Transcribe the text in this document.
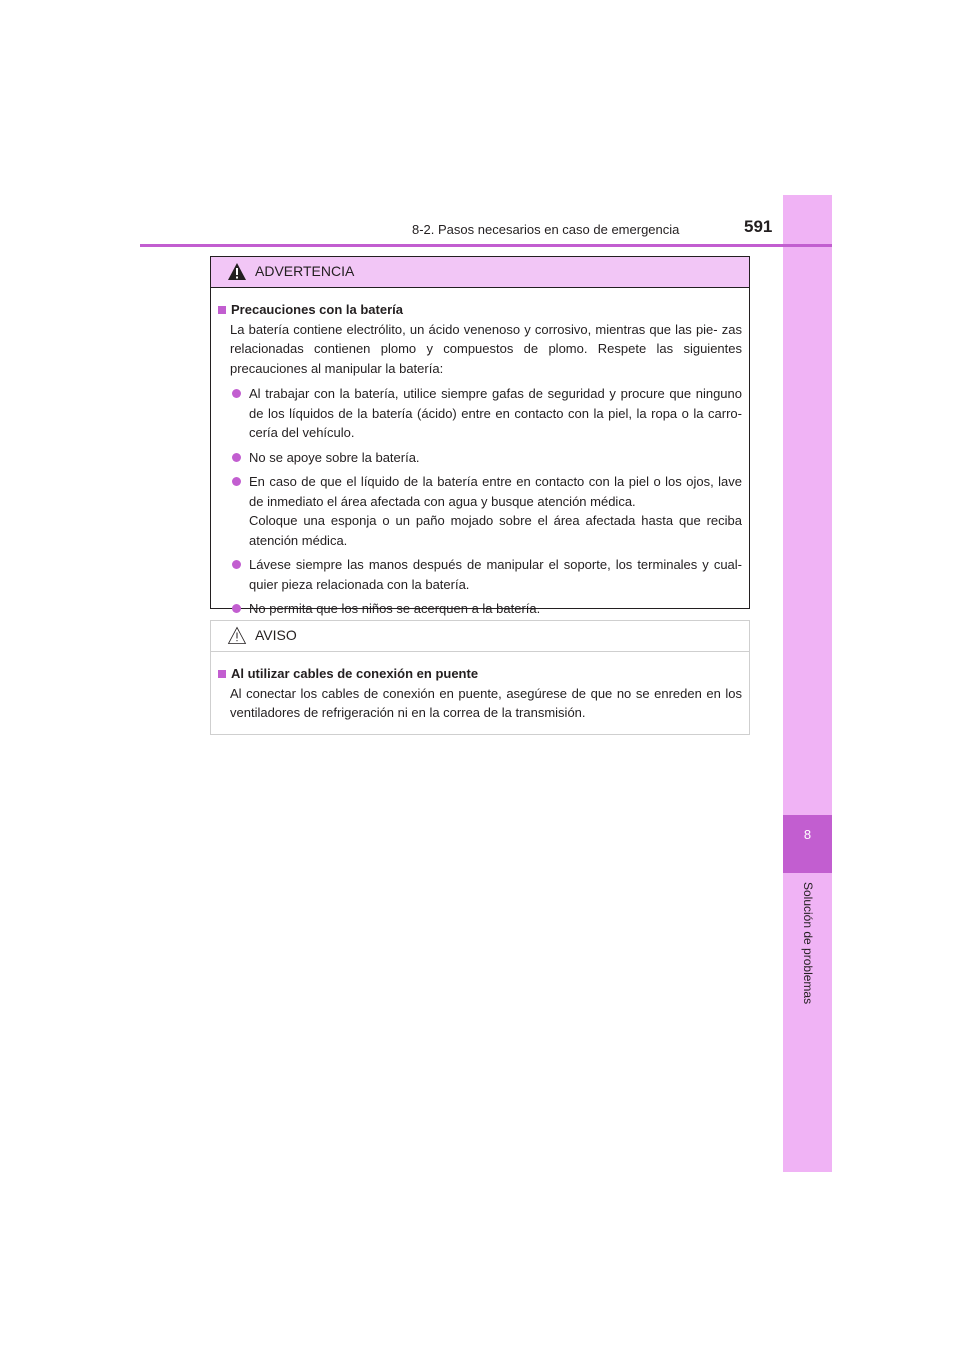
8
Solución de problemas
8-2. Pasos necesarios en caso de emergencia	591
ADVERTENCIA
Precauciones con la batería
La batería contiene electrólito, un ácido venenoso y corrosivo, mientras que las pie- zas relacionadas contienen plomo y compuestos de plomo. Respete las siguientes precauciones al manipular la batería:
Al trabajar con la batería, utilice siempre gafas de seguridad y procure que ninguno de los líquidos de la batería (ácido) entre en contacto con la piel, la ropa o la carro- cería del vehículo.
No se apoye sobre la batería.
En caso de que el líquido de la batería entre en contacto con la piel o los ojos, lave de inmediato el área afectada con agua y busque atención médica.
Coloque una esponja o un paño mojado sobre el área afectada hasta que reciba atención médica.
Lávese siempre las manos después de manipular el soporte, los terminales y cual- quier pieza relacionada con la batería.
No permita que los niños se acerquen a la batería.
AVISO
Al utilizar cables de conexión en puente
Al conectar los cables de conexión en puente, asegúrese de que no se enreden en los ventiladores de refrigeración ni en la correa de la transmisión.
